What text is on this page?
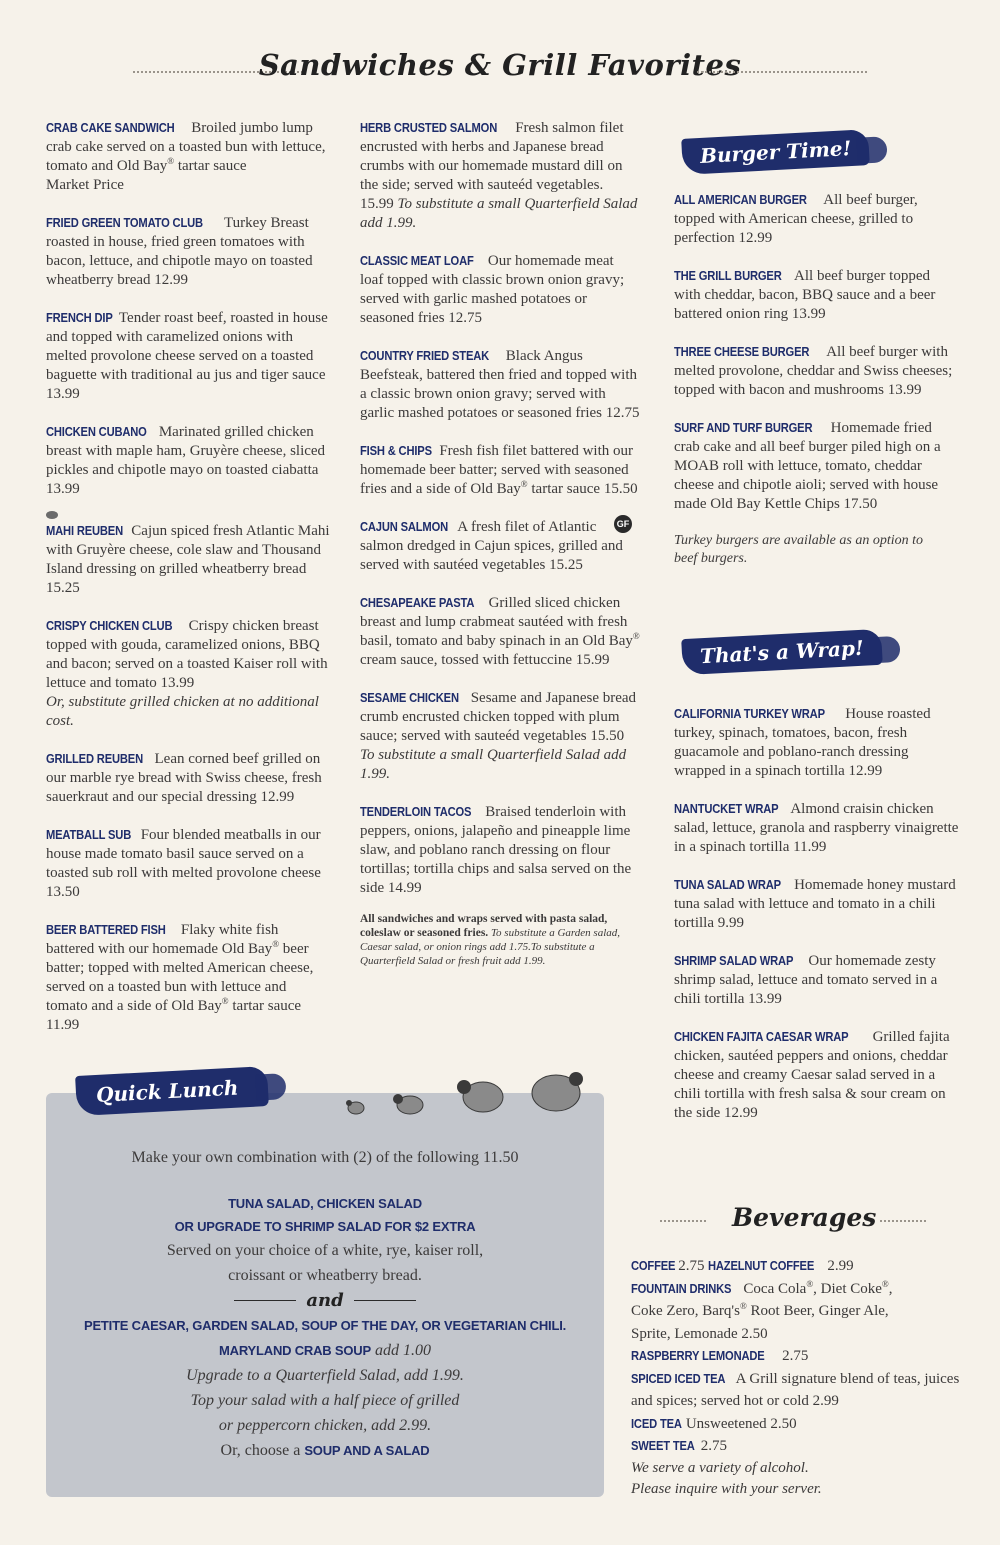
Sandwiches & Grill Favorites
CRAB CAKE SANDWICH Broiled jumbo lump crab cake served on a toasted bun with lettuce, tomato and Old Bay® tartar sauce
Market Price
FRIED GREEN TOMATO CLUB Turkey Breast roasted in house, fried green tomatoes with bacon, lettuce, and chipotle mayo on toasted wheatberry bread 12.99
FRENCH DIP Tender roast beef, roasted in house and topped with caramelized onions with melted provolone cheese served on a toasted baguette with traditional au jus and tiger sauce 13.99
CHICKEN CUBANO Marinated grilled chicken breast with maple ham, Gruyère cheese, sliced pickles and chipotle mayo on toasted ciabatta 13.99
MAHI REUBEN Cajun spiced fresh Atlantic Mahi with Gruyère cheese, cole slaw and Thousand Island dressing on grilled wheatberry bread 15.25
CRISPY CHICKEN CLUB Crispy chicken breast topped with gouda, caramelized onions, BBQ and bacon; served on a toasted Kaiser roll with lettuce and tomato 13.99
Or, substitute grilled chicken at no additional cost.
GRILLED REUBEN Lean corned beef grilled on our marble rye bread with Swiss cheese, fresh sauerkraut and our special dressing 12.99
MEATBALL SUB Four blended meatballs in our house made tomato basil sauce served on a toasted sub roll with melted provolone cheese 13.50
BEER BATTERED FISH Flaky white fish battered with our homemade Old Bay® beer batter; topped with melted American cheese, served on a toasted bun with lettuce and tomato and a side of Old Bay® tartar sauce 11.99
HERB CRUSTED SALMON Fresh salmon filet encrusted with herbs and Japanese bread crumbs with our homemade mustard dill on the side; served with sauteéd vegetables. 15.99 To substitute a small Quarterfield Salad add 1.99.
CLASSIC MEAT LOAF Our homemade meat loaf topped with classic brown onion gravy; served with garlic mashed potatoes or seasoned fries 12.75
COUNTRY FRIED STEAK Black Angus Beefsteak, battered then fried and topped with a classic brown onion gravy; served with garlic mashed potatoes or seasoned fries 12.75
FISH & CHIPS Fresh fish filet battered with our homemade beer batter; served with seasoned fries and a side of Old Bay® tartar sauce 15.50
CAJUN SALMON A fresh filet of Atlantic salmon dredged in Cajun spices, grilled and served with sautéed vegetables 15.25
GF
CHESAPEAKE PASTA Grilled sliced chicken breast and lump crabmeat sautéed with fresh basil, tomato and baby spinach in an Old Bay® cream sauce, tossed with fettuccine 15.99
SESAME CHICKEN Sesame and Japanese bread crumb encrusted chicken topped with plum sauce; served with sauteéd vegetables 15.50 To substitute a small Quarterfield Salad add 1.99.
TENDERLOIN TACOS Braised tenderloin with peppers, onions, jalapeño and pineapple lime slaw, and poblano ranch dressing on flour tortillas; tortilla chips and salsa served on the side 14.99
All sandwiches and wraps served with pasta salad, coleslaw or seasoned fries. To substitute a Garden salad, Caesar salad, or onion rings add 1.75.To substitute a Quarterfield Salad or fresh fruit add 1.99.
Burger Time!
ALL AMERICAN BURGER All beef burger, topped with American cheese, grilled to perfection 12.99
THE GRILL BURGER All beef burger topped with cheddar, bacon, BBQ sauce and a beer battered onion ring 13.99
THREE CHEESE BURGER All beef burger with melted provolone, cheddar and Swiss cheeses; topped with bacon and mushrooms 13.99
SURF AND TURF BURGER Homemade fried crab cake and all beef burger piled high on a MOAB roll with lettuce, tomato, cheddar cheese and chipotle aioli; served with house made Old Bay Kettle Chips 17.50
Turkey burgers are available as an option to beef burgers.
That's a Wrap!
CALIFORNIA TURKEY WRAP House roasted turkey, spinach, tomatoes, bacon, fresh guacamole and poblano-ranch dressing wrapped in a spinach tortilla 12.99
NANTUCKET WRAP Almond craisin chicken salad, lettuce, granola and raspberry vinaigrette in a spinach tortilla 11.99
TUNA SALAD WRAP Homemade honey mustard tuna salad with lettuce and tomato in a chili tortilla 9.99
SHRIMP SALAD WRAP Our homemade zesty shrimp salad, lettuce and tomato served in a chili tortilla 13.99
CHICKEN FAJITA CAESAR WRAP Grilled fajita chicken, sautéed peppers and onions, cheddar cheese and creamy Caesar salad served in a chili tortilla with fresh salsa & sour cream on the side 12.99
Make your own combination with (2) of the following 11.50
TUNA SALAD, CHICKEN SALAD
OR UPGRADE TO SHRIMP SALAD FOR $2 EXTRA
Served on your choice of a white, rye, kaiser roll,
croissant or wheatberry bread.
and
PETITE CAESAR, GARDEN SALAD, SOUP OF THE DAY, OR VEGETARIAN CHILI.
MARYLAND CRAB SOUP add 1.00
Upgrade to a Quarterfield Salad, add 1.99.
Top your salad with a half piece of grilled
or peppercorn chicken, add 2.99.
Or, choose a SOUP AND A SALAD
Quick Lunch
Beverages
COFFEE 2.75 HAZELNUT COFFEE 2.99
FOUNTAIN DRINKS Coca Cola®, Diet Coke®,
Coke Zero, Barq's® Root Beer, Ginger Ale,
Sprite, Lemonade 2.50
RASPBERRY LEMONADE 2.75
SPICED ICED TEA A Grill signature blend of teas, juices and spices; served hot or cold 2.99
ICED TEA Unsweetened 2.50
SWEET TEA 2.75
We serve a variety of alcohol.
Please inquire with your server.
